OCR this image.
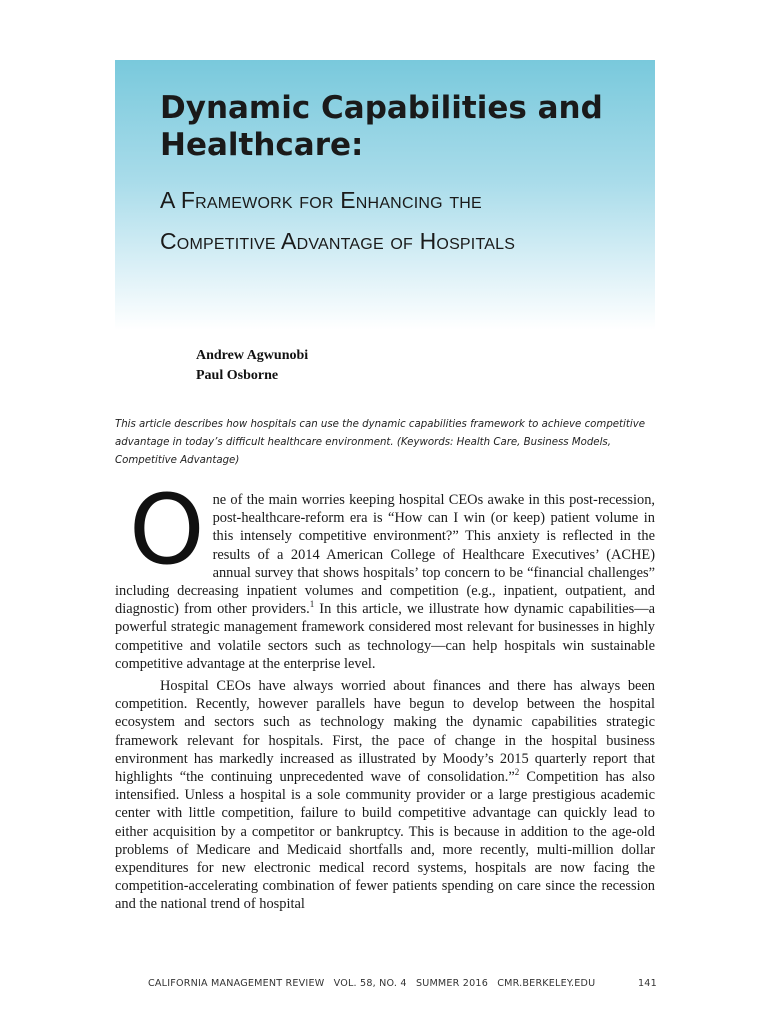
Dynamic Capabilities and Healthcare:
A Framework for Enhancing the
Competitive Advantage of Hospitals
Andrew Agwunobi
Paul Osborne
This article describes how hospitals can use the dynamic capabilities framework to achieve competitive advantage in today’s difficult healthcare environment. (Keywords: Health Care, Business Models, Competitive Advantage)

One of the main worries keeping hospital CEOs awake in this post-recession, post-healthcare-reform era is “How can I win (or keep) patient volume in this intensely competitive environment?” This anxiety is reflected in the results of a 2014 American College of Healthcare Executives’ (ACHE) annual survey that shows hospitals’ top concern to be “financial challenges” including decreasing inpatient volumes and competition (e.g., inpatient, outpatient, and diagnostic) from other providers.$^1$ In this article, we illustrate how dynamic capabilities—a powerful strategic management framework considered most relevant for businesses in highly competitive and volatile sectors such as technology—can help hospitals win sustainable competitive advantage at the enterprise level.

Hospital CEOs have always worried about finances and there has always been competition. Recently, however parallels have begun to develop between the hospital ecosystem and sectors such as technology making the dynamic capabilities strategic framework relevant for hospitals. First, the pace of change in the hospital business environment has markedly increased as illustrated by Moody’s 2015 quarterly report that highlights “the continuing unprecedented wave of consolidation.”$^2$ Competition has also intensified. Unless a hospital is a sole community provider or a large prestigious academic center with little competition, failure to build competitive advantage can quickly lead to either acquisition by a competitor or bankruptcy. This is because in addition to the age-old problems of Medicare and Medicaid shortfalls and, more recently, multi-million dollar expenditures for new electronic medical record systems, hospitals are now facing the competition-accelerating combination of fewer patients spending on care since the recession and the national trend of hospital

CALIFORNIA MANAGEMENT REVIEW VOL. 58, NO. 4 SUMMER 2016 CMR.BERKELEY.EDU	141
